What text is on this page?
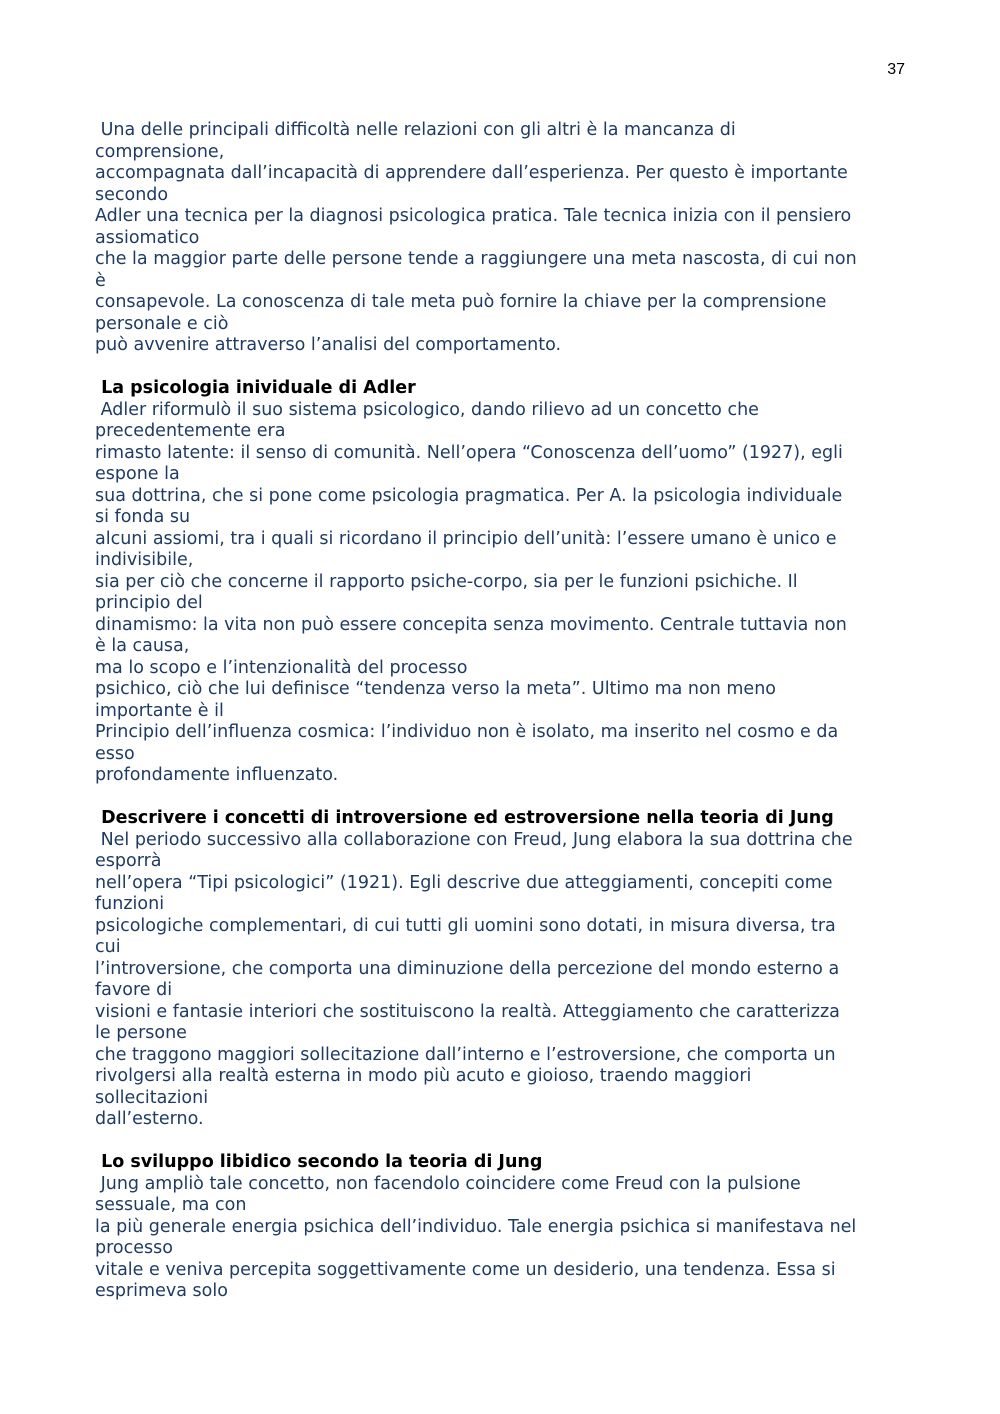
37
Una delle principali difficoltà nelle relazioni con gli altri è la mancanza di
comprensione,
accompagnata dall’incapacità di apprendere dall’esperienza. Per questo è importante
secondo
Adler una tecnica per la diagnosi psicologica pratica. Tale tecnica inizia con il pensiero
assiomatico
che la maggior parte delle persone tende a raggiungere una meta nascosta, di cui non
è
consapevole. La conoscenza di tale meta può fornire la chiave per la comprensione
personale e ciò
può avvenire attraverso l’analisi del comportamento.
La psicologia inividuale di Adler
Adler riformulò il suo sistema psicologico, dando rilievo ad un concetto che
precedentemente era
rimasto latente: il senso di comunità. Nell’opera “Conoscenza dell’uomo” (1927), egli
espone la
sua dottrina, che si pone come psicologia pragmatica. Per A. la psicologia individuale
si fonda su
alcuni assiomi, tra i quali si ricordano il principio dell’unità: l’essere umano è unico e
indivisibile,
sia per ciò che concerne il rapporto psiche-corpo, sia per le funzioni psichiche. Il
principio del
dinamismo: la vita non può essere concepita senza movimento. Centrale tuttavia non
è la causa,
ma lo scopo e l’intenzionalità del processo
psichico, ciò che lui definisce “tendenza verso la meta”. Ultimo ma non meno
importante è il
Principio dell’influenza cosmica: l’individuo non è isolato, ma inserito nel cosmo e da
esso
profondamente influenzato.
Descrivere i concetti di introversione ed estroversione nella teoria di Jung
Nel periodo successivo alla collaborazione con Freud, Jung elabora la sua dottrina che
esporrà
nell’opera “Tipi psicologici” (1921). Egli descrive due atteggiamenti, concepiti come
funzioni
psicologiche complementari, di cui tutti gli uomini sono dotati, in misura diversa, tra
cui
l’introversione, che comporta una diminuzione della percezione del mondo esterno a
favore di
visioni e fantasie interiori che sostituiscono la realtà. Atteggiamento che caratterizza
le persone
che traggono maggiori sollecitazione dall’interno e l’estroversione, che comporta un
rivolgersi alla realtà esterna in modo più acuto e gioioso, traendo maggiori
sollecitazioni
dall’esterno.
Lo sviluppo libidico secondo la teoria di Jung
Jung ampliò tale concetto, non facendolo coincidere come Freud con la pulsione
sessuale, ma con
la più generale energia psichica dell’individuo. Tale energia psichica si manifestava nel
processo
vitale e veniva percepita soggettivamente come un desiderio, una tendenza. Essa si
esprimeva solo
